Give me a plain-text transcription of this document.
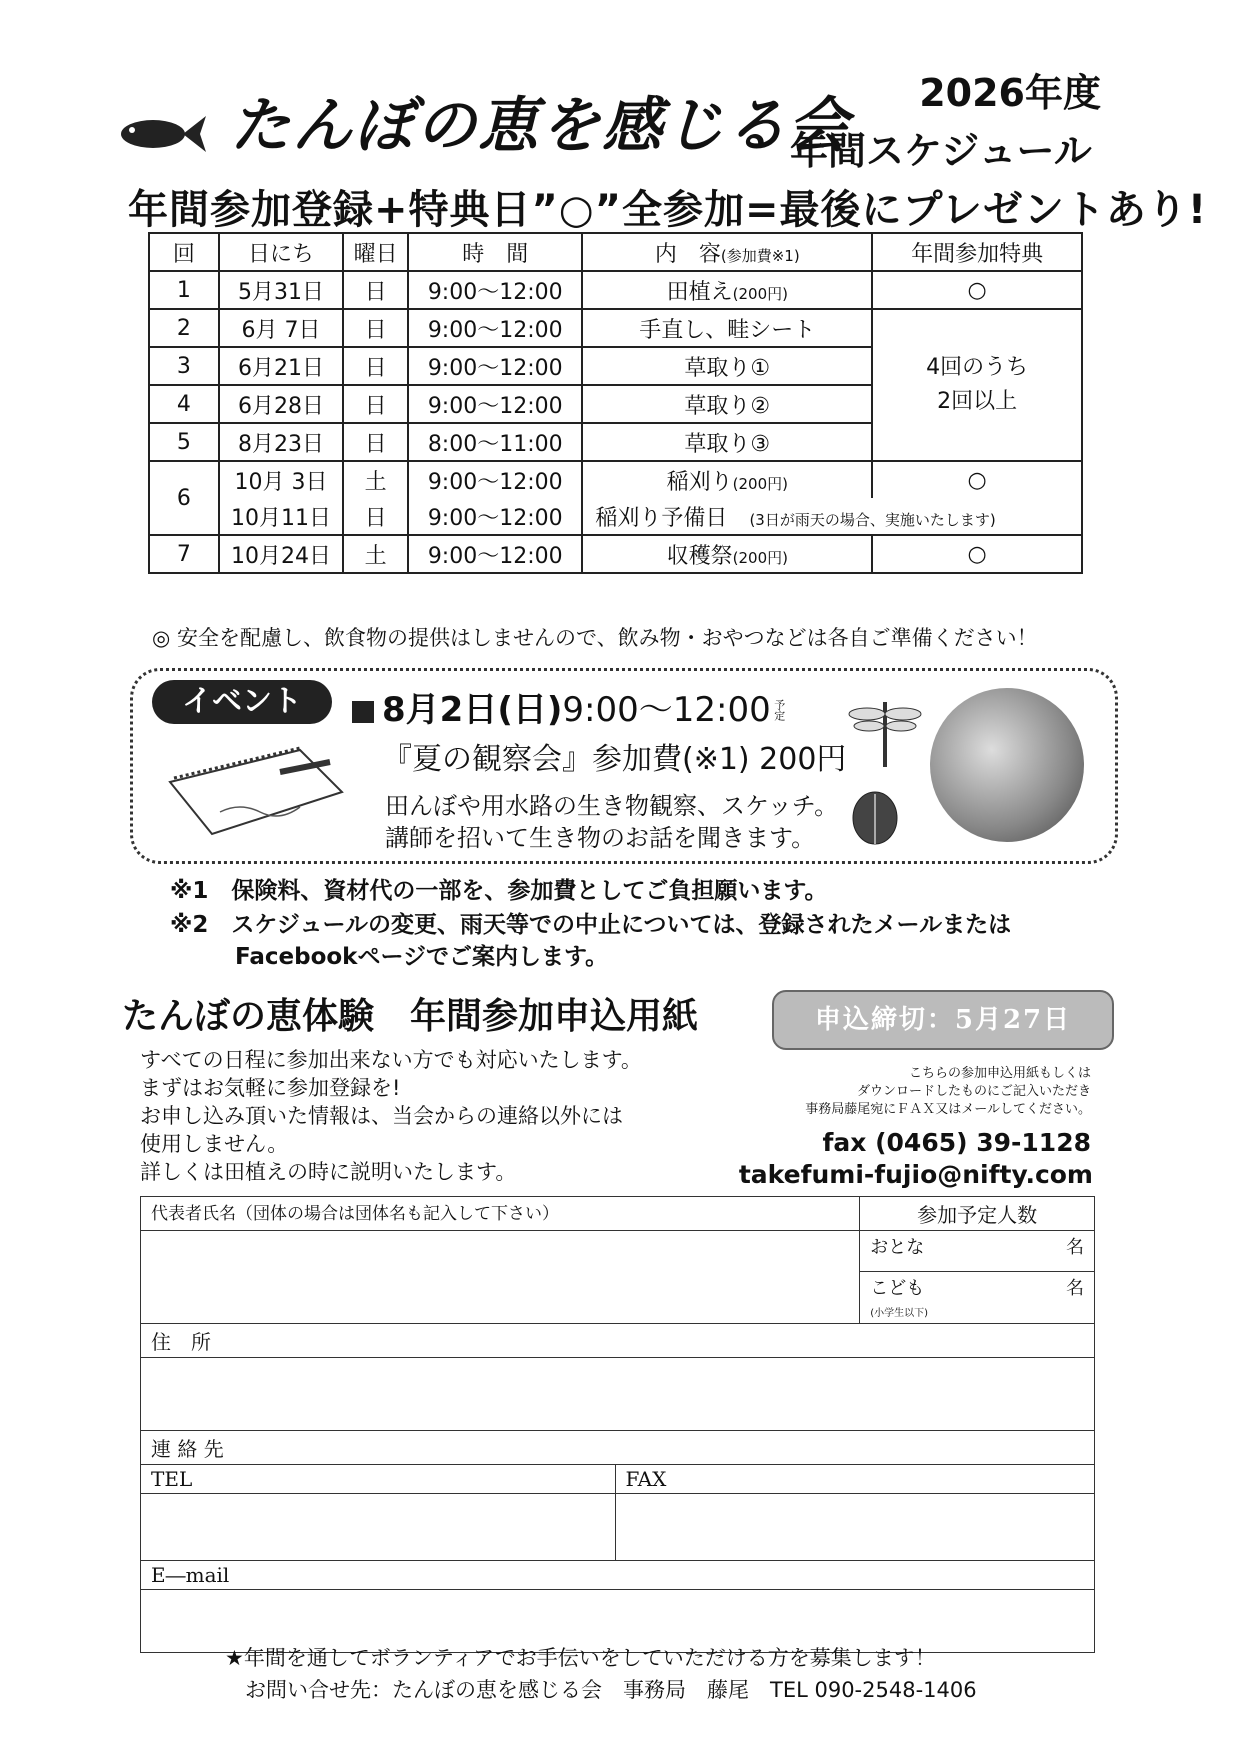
2026年度
たんぼの恵を感じる会
年間スケジュール
年間参加登録+特典日”○”全参加=最後にプレゼントあり!
回	日にち	曜日	時　間	内　容(参加費※1)	年間参加特典
1	5月31日	日	9:00～12:00	田植え(200円)	○
2	6月 7日	日	9:00～12:00	手直し、畦シート	4回のうち
2回以上
3	6月21日	日	9:00～12:00	草取り①	
4	6月28日	日	9:00～12:00	草取り②	
5	8月23日	日	8:00～11:00	草取り③	
6	10月 3日	土	9:00～12:00	稲刈り(200円)	○
	10月11日	日	9:00～12:00	稲刈り予備日　 (3日が雨天の場合、実施いたします)	
7	10月24日	土	9:00～12:00	収穫祭(200円)	○
◎ 安全を配慮し、飲食物の提供はしませんので、飲み物・おやつなどは各自ご準備ください！
イベント	8月2日(日)9:00～12:00 予定
『夏の観察会』参加費(※1) 200円
田んぼや用水路の生き物観察、スケッチ。
講師を招いて生き物のお話を聞きます。
※1　保険料、資材代の一部を、参加費としてご負担願います。
※2　スケジュールの変更、雨天等での中止については、登録されたメールまたは
Facebookページでご案内します。
たんぼの恵体験　年間参加申込用紙	申込締切：5月27日
すべての日程に参加出来ない方でも対応いたします。
まずはお気軽に参加登録を!
お申し込み頂いた情報は、当会からの連絡以外には
使用しません。
詳しくは田植えの時に説明いたします。
こちらの参加申込用紙もしくは
ダウンロードしたものにご記入いただき
事務局藤尾宛にＦＡＸ又はメールしてください。
fax (0465) 39-1128
takefumi-fujio@nifty.com
代表者氏名（団体の場合は団体名も記入して下さい）		参加予定人数
		おとな 名

		こども 名

(小学生以下)
住　所		

連 絡 先		
TEL	FAX	

E―mail		

★年間を通してボランティアでお手伝いをしていただける方を募集します！
お問い合せ先：たんぼの恵を感じる会　事務局　藤尾　TEL 090-2548-1406
